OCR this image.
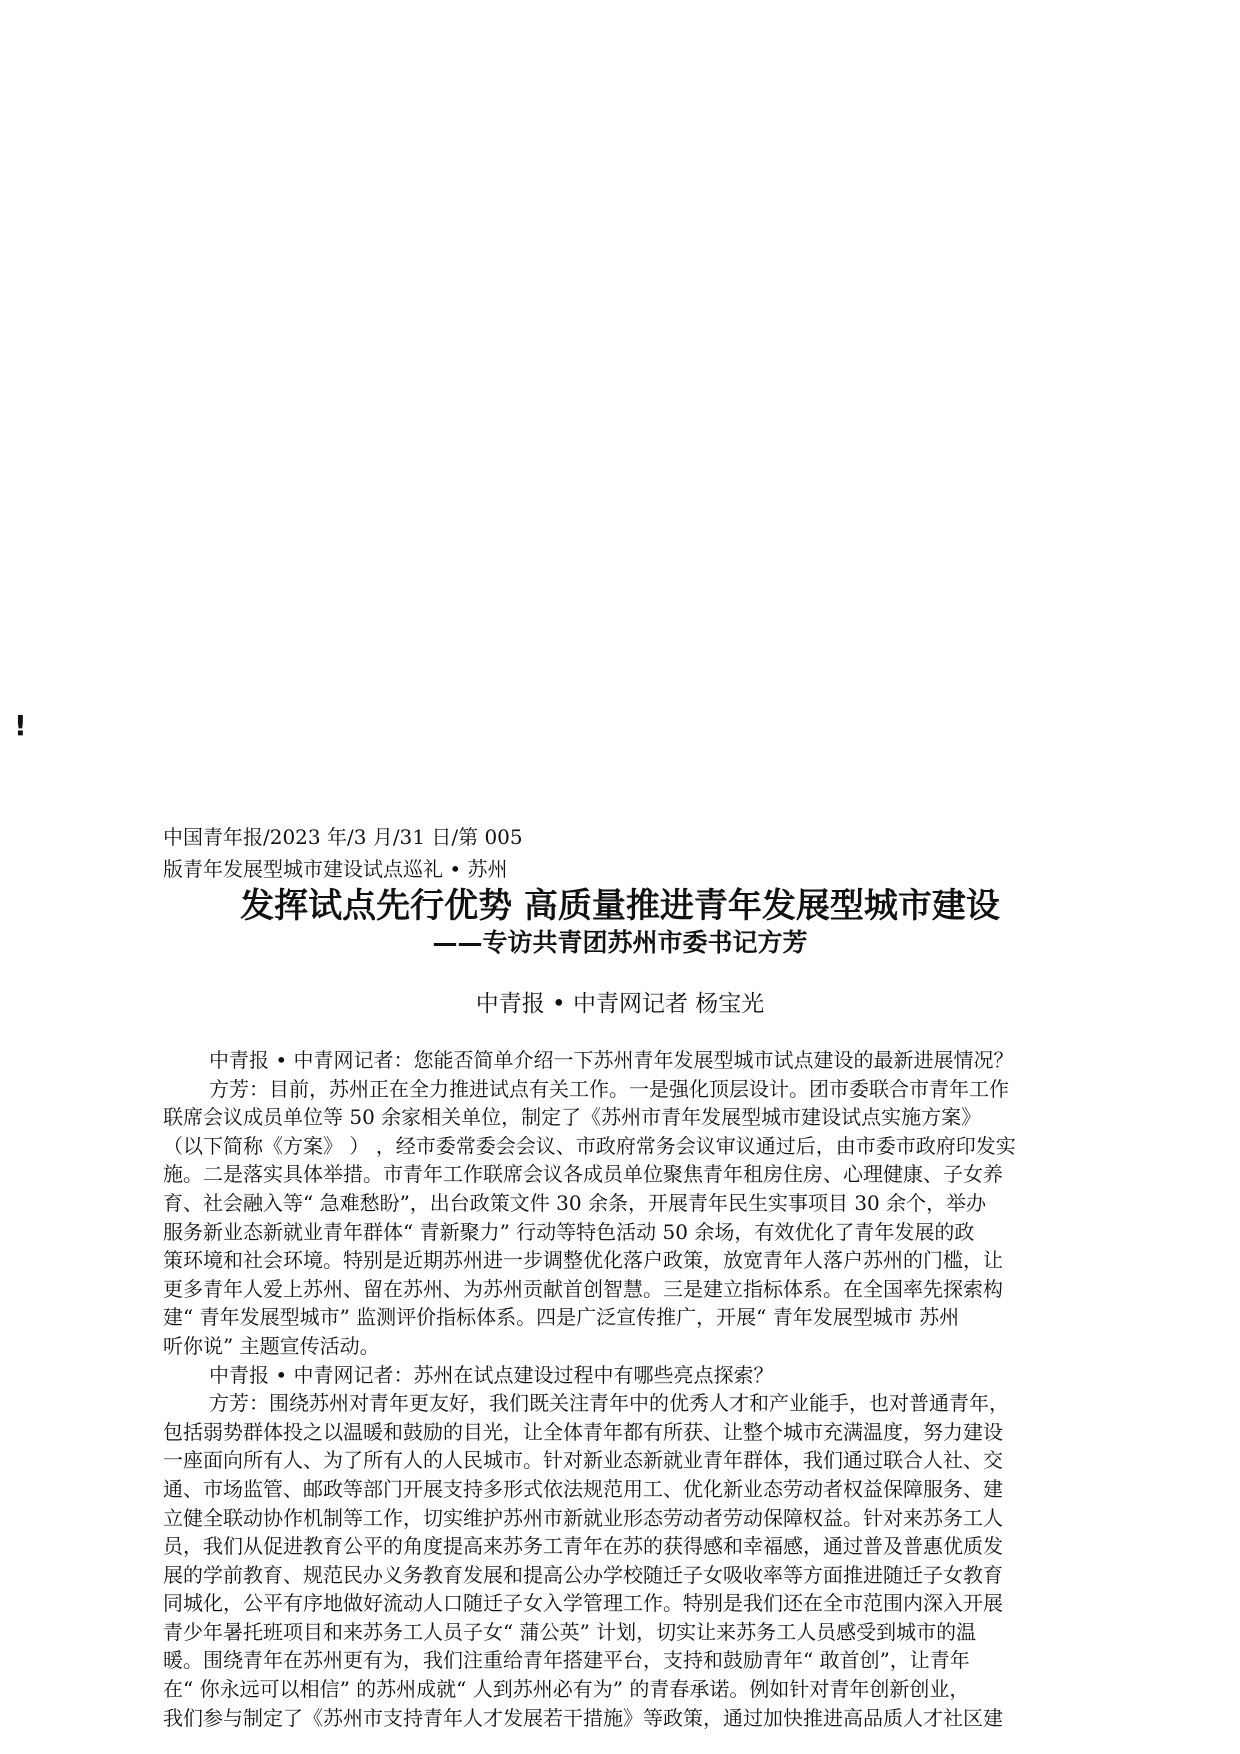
!
中国青年报/2023 年/3 月/31 日/第 005
版青年发展型城市建设试点巡礼 • 苏州
发挥试点先行优势 高质量推进青年发展型城市建设
——专访共青团苏州市委书记方芳
中青报 • 中青网记者 杨宝光
中青报 • 中青网记者：您能否简单介绍一下苏州青年发展型城市试点建设的最新进展情况？
方芳：目前，苏州正在全力推进试点有关工作。一是强化顶层设计。团市委联合市青年工作
联席会议成员单位等 50 余家相关单位，制定了《苏州市青年发展型城市建设试点实施方案》
（以下简称《方案》 ） ，经市委常委会会议、市政府常务会议审议通过后，由市委市政府印发实
施。二是落实具体举措。市青年工作联席会议各成员单位聚焦青年租房住房、心理健康、子女养
育、社会融入等“ 急难愁盼”，出台政策文件 30 余条，开展青年民生实事项目 30 余个，举办
服务新业态新就业青年群体“ 青新聚力” 行动等特色活动 50 余场，有效优化了青年发展的政
策环境和社会环境。特别是近期苏州进一步调整优化落户政策，放宽青年人落户苏州的门槛，让
更多青年人爱上苏州、留在苏州、为苏州贡献首创智慧。三是建立指标体系。在全国率先探索构
建“ 青年发展型城市” 监测评价指标体系。四是广泛宣传推广，开展“ 青年发展型城市 苏州
听你说” 主题宣传活动。
中青报 • 中青网记者：苏州在试点建设过程中有哪些亮点探索？
方芳：围绕苏州对青年更友好，我们既关注青年中的优秀人才和产业能手，也对普通青年，
包括弱势群体投之以温暖和鼓励的目光，让全体青年都有所获、让整个城市充满温度，努力建设
一座面向所有人、为了所有人的人民城市。针对新业态新就业青年群体，我们通过联合人社、交
通、市场监管、邮政等部门开展支持多形式依法规范用工、优化新业态劳动者权益保障服务、建
立健全联动协作机制等工作，切实维护苏州市新就业形态劳动者劳动保障权益。针对来苏务工人
员，我们从促进教育公平的角度提高来苏务工青年在苏的获得感和幸福感，通过普及普惠优质发
展的学前教育、规范民办义务教育发展和提高公办学校随迁子女吸收率等方面推进随迁子女教育
同城化，公平有序地做好流动人口随迁子女入学管理工作。特别是我们还在全市范围内深入开展
青少年暑托班项目和来苏务工人员子女“ 蒲公英” 计划，切实让来苏务工人员感受到城市的温
暖。围绕青年在苏州更有为，我们注重给青年搭建平台，支持和鼓励青年“ 敢首创”，让青年
在“ 你永远可以相信” 的苏州成就“ 人到苏州必有为” 的青春承诺。例如针对青年创新创业，
我们参与制定了《苏州市支持青年人才发展若干措施》等政策，通过加快推进高品质人才社区建
